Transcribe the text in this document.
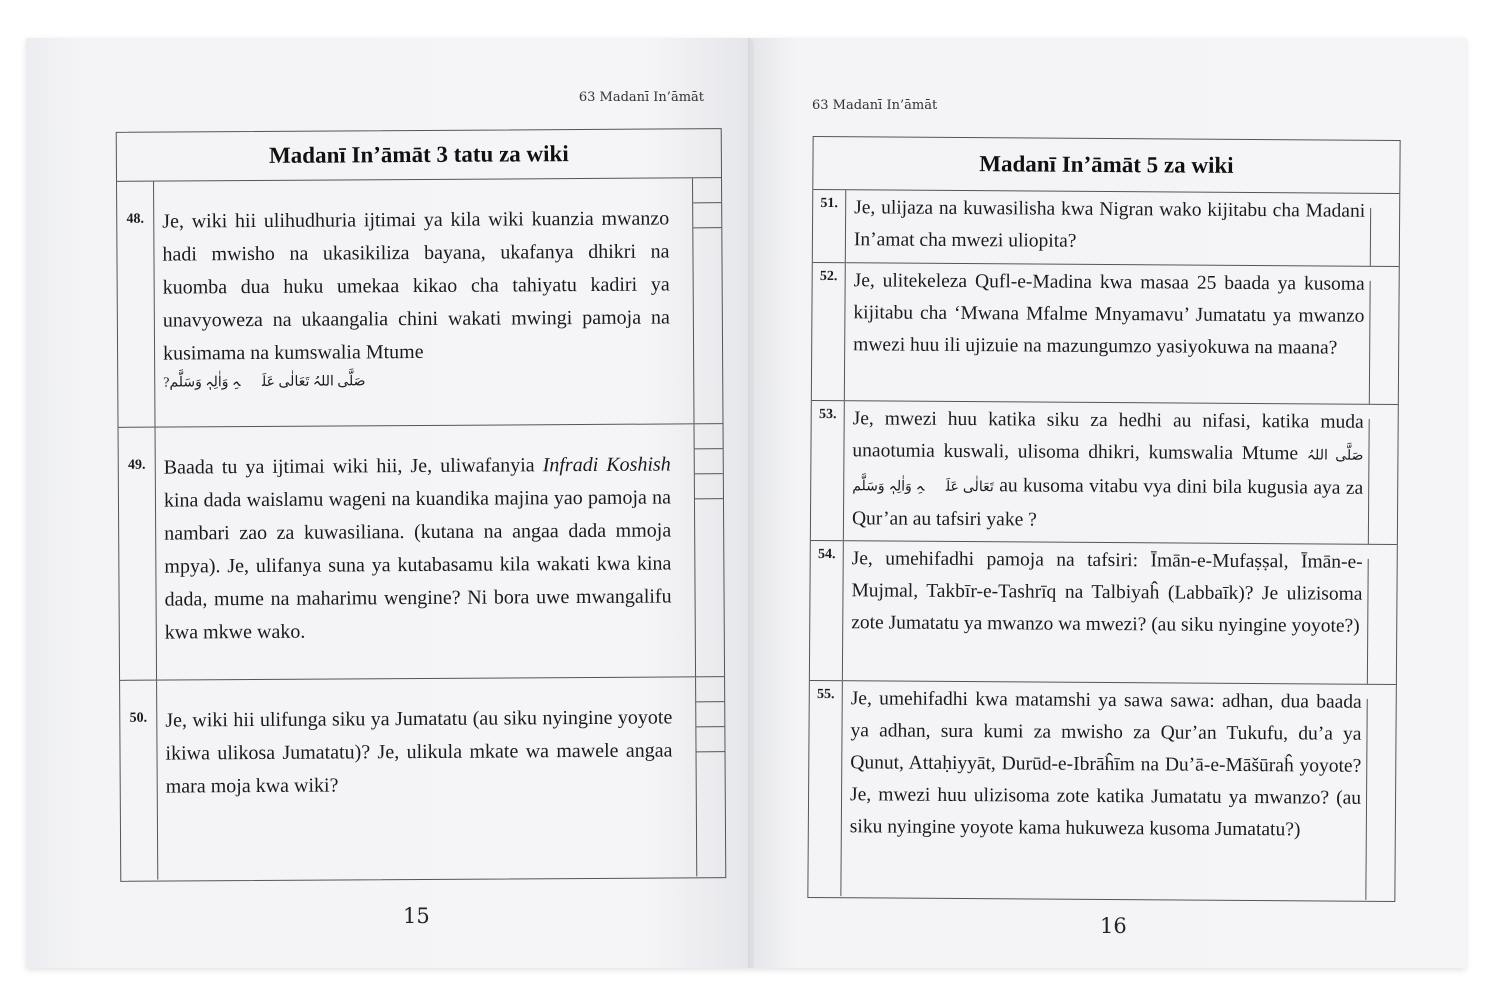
63 Madanī In’āmāt
Madanī In’āmāt 3 tatu za wiki
48. Je, wiki hii ulihudhuria ijtimai ya kila wiki kuanzia mwanzo hadi mwisho na ukasikiliza bayana, ukafanya dhikri na kuomba dua huku umekaa kikao cha tahiyatu kadiri ya unavyoweza na ukaangalia chini wakati mwingi pamoja na kusimama na kumswalia Mtume
صَلَّی اللہُ تَعَالٰی عَلَیۡہِ وَاٰلِہٖ وَسَلَّم?
49. Baada tu ya ijtimai wiki hii, Je, uliwafanyia Infradi Koshish kina dada waislamu wageni na kuandika majina yao pamoja na nambari zao za kuwasiliana. (kutana na angaa dada mmoja mpya). Je, ulifanya suna ya kutabasamu kila wakati kwa kina dada, mume na maharimu wengine? Ni bora uwe mwangalifu kwa mkwe wako.
50. Je, wiki hii ulifunga siku ya Jumatatu (au siku nyingine yoyote ikiwa ulikosa Jumatatu)? Je, ulikula mkate wa mawele angaa mara moja kwa wiki?
15
63 Madanī In’āmāt
Madanī In’āmāt 5 za wiki
51. Je, ulijaza na kuwasilisha kwa Nigran wako kijitabu cha Madani In’amat cha mwezi uliopita?
52. Je, ulitekeleza Qufl-e-Madina kwa masaa 25 baada ya kusoma kijitabu cha ‘Mwana Mfalme Mnyamavu’ Jumatatu ya mwanzo mwezi huu ili ujizuie na mazungumzo yasiyokuwa na maana?
53. Je, mwezi huu katika siku za hedhi au nifasi, katika muda unaotumia kuswali, ulisoma dhikri, kumswalia Mtume صَلَّی اللہُ تَعَالٰی عَلَیۡہِ وَاٰلِہٖ وَسَلَّم au kusoma vitabu vya dini bila kugusia aya za Qur’an au tafsiri yake ?
54. Je, umehifadhi pamoja na tafsiri: Īmān-e-Mufaṣṣal, Īmān-e-Mujmal, Takbīr-e-Tashrīq na Talbiyaĥ (Labbaīk)? Je ulizisoma zote Jumatatu ya mwanzo wa mwezi? (au siku nyingine yoyote?)
55. Je, umehifadhi kwa matamshi ya sawa sawa: adhan, dua baada ya adhan, sura kumi za mwisho za Qur’an Tukufu, du’a ya Qunut, Attaḥiyyāt, Durūd-e-Ibrāĥīm na Du’ā-e-Māšūraĥ yoyote? Je, mwezi huu ulizisoma zote katika Jumatatu ya mwanzo? (au siku nyingine yoyote kama hukuweza kusoma Jumatatu?)
16
